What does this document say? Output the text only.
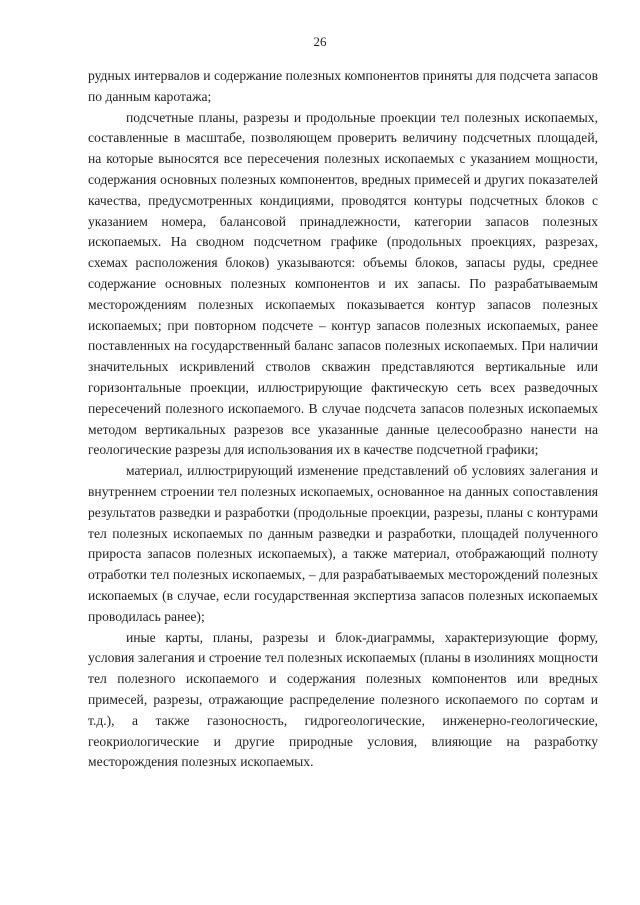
26

рудных интервалов и содержание полезных компонентов приняты для подсчета запасов по данным каротажа;

подсчетные планы, разрезы и продольные проекции тел полезных ископаемых, составленные в масштабе, позволяющем проверить величину подсчетных площадей, на которые выносятся все пересечения полезных ископаемых с указанием мощности, содержания основных полезных компонентов, вредных примесей и других показателей качества, предусмотренных кондициями, проводятся контуры подсчетных блоков с указанием номера, балансовой принадлежности, категории запасов полезных ископаемых. На сводном подсчетном графике (продольных проекциях, разрезах, схемах расположения блоков) указываются: объемы блоков, запасы руды, среднее содержание основных полезных компонентов и их запасы. По разрабатываемым месторождениям полезных ископаемых показывается контур запасов полезных ископаемых; при повторном подсчете – контур запасов полезных ископаемых, ранее поставленных на государственный баланс запасов полезных ископаемых. При наличии значительных искривлений стволов скважин представляются вертикальные или горизонтальные проекции, иллюстрирующие фактическую сеть всех разведочных пересечений полезного ископаемого. В случае подсчета запасов полезных ископаемых методом вертикальных разрезов все указанные данные целесообразно нанести на геологические разрезы для использования их в качестве подсчетной графики;

материал, иллюстрирующий изменение представлений об условиях залегания и внутреннем строении тел полезных ископаемых, основанное на данных сопоставления результатов разведки и разработки (продольные проекции, разрезы, планы с контурами тел полезных ископаемых по данным разведки и разработки, площадей полученного прироста запасов полезных ископаемых), а также материал, отображающий полноту отработки тел полезных ископаемых, – для разрабатываемых месторождений полезных ископаемых (в случае, если государственная экспертиза запасов полезных ископаемых проводилась ранее);

иные карты, планы, разрезы и блок-диаграммы, характеризующие форму, условия залегания и строение тел полезных ископаемых (планы в изолиниях мощности тел полезного ископаемого и содержания полезных компонентов или вредных примесей, разрезы, отражающие распределение полезного ископаемого по сортам и т.д.), а также газоносность, гидрогеологические, инженерно-геологические, геокриологические и другие природные условия, влияющие на разработку месторождения полезных ископаемых.
